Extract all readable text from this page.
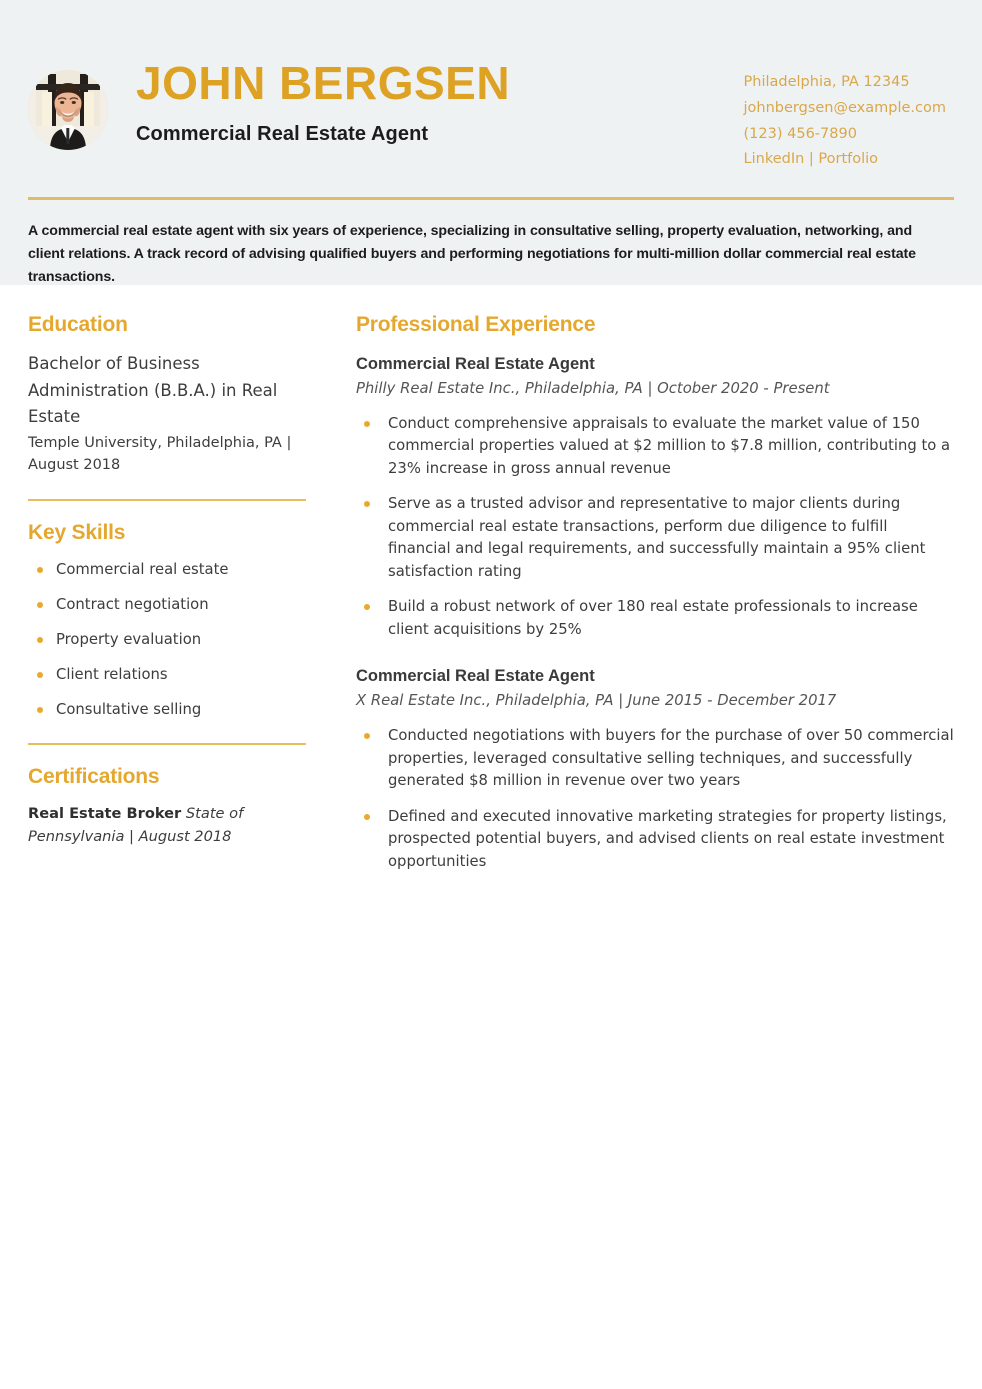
JOHN BERGSEN
Commercial Real Estate Agent
Philadelphia, PA 12345
johnbergsen@example.com
(123) 456-7890
LinkedIn | Portfolio
A commercial real estate agent with six years of experience, specializing in consultative selling, property evaluation, networking, and client relations. A track record of advising qualified buyers and performing negotiations for multi-million dollar commercial real estate transactions.
Education

Bachelor of Business Administration (B.B.A.) in Real Estate

Temple University, Philadelphia, PA | August 2018

Key Skills
Commercial real estate
Contract negotiation
Property evaluation
Client relations
Consultative selling
Certifications

Real Estate Broker State of Pennsylvania | August 2018

Professional Experience
Commercial Real Estate Agent
Philly Real Estate Inc., Philadelphia, PA | October 2020 - Present
Conduct comprehensive appraisals to evaluate the market value of 150 commercial properties valued at $2 million to $7.8 million, contributing to a 23% increase in gross annual revenue
Serve as a trusted advisor and representative to major clients during commercial real estate transactions, perform due diligence to fulfill financial and legal requirements, and successfully maintain a 95% client satisfaction rating
Build a robust network of over 180 real estate professionals to increase client acquisitions by 25%
Commercial Real Estate Agent
X Real Estate Inc., Philadelphia, PA | June 2015 - December 2017
Conducted negotiations with buyers for the purchase of over 50 commercial properties, leveraged consultative selling techniques, and successfully generated $8 million in revenue over two years
Defined and executed innovative marketing strategies for property listings, prospected potential buyers, and advised clients on real estate investment opportunities
